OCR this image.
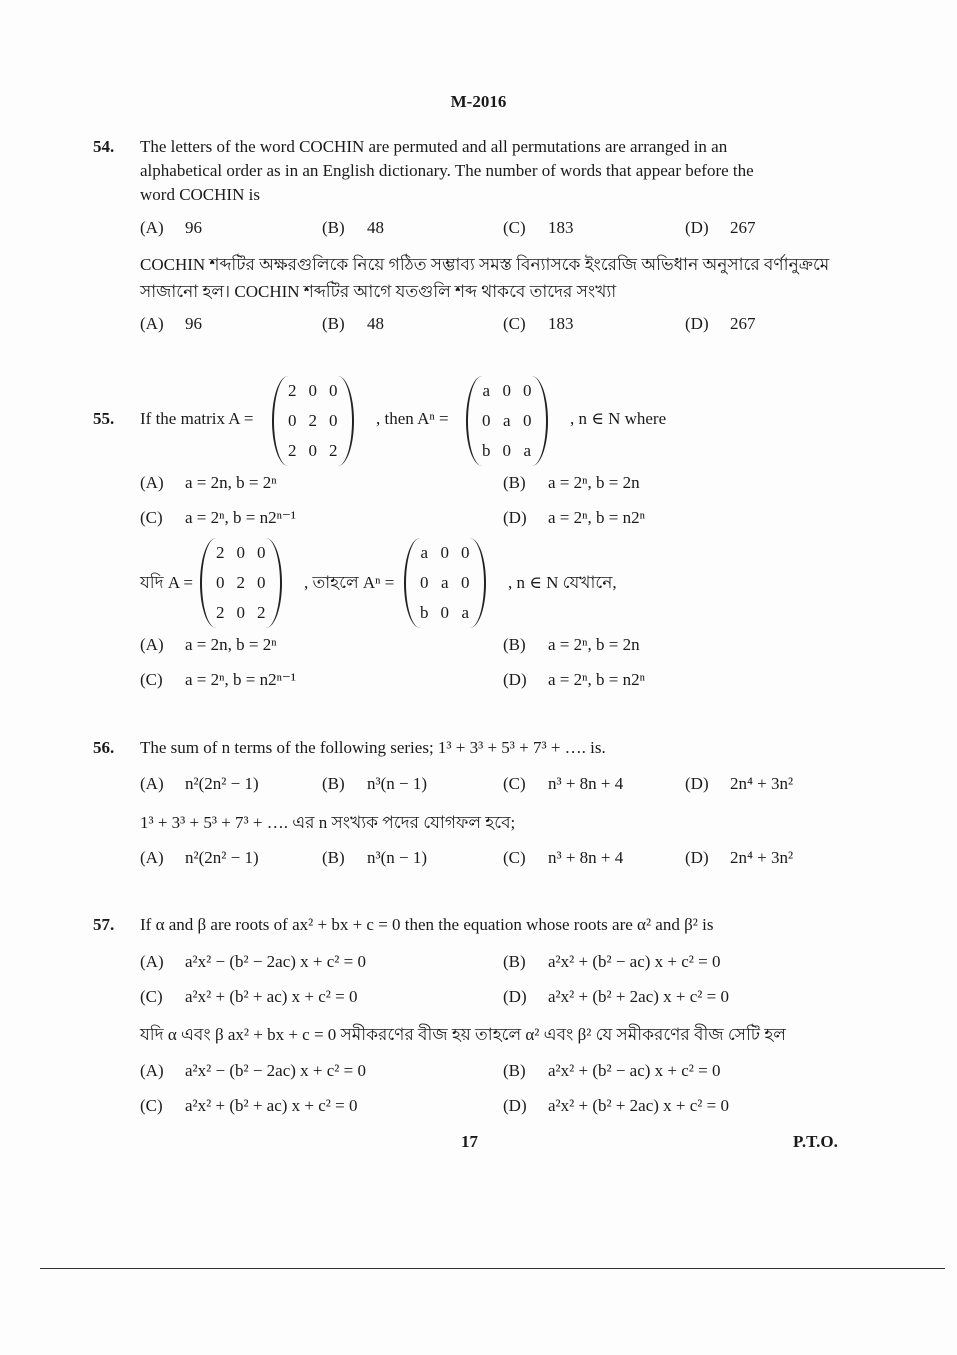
M-2016
54. The letters of the word COCHIN are permuted and all permutations are arranged in an
alphabetical order as in an English dictionary. The number of words that appear before the
word COCHIN is
COCHIN শব্দটির অক্ষরগুলিকে নিয়ে গঠিত সম্ভাব্য সমস্ত বিন্যাসকে ইংরেজি অভিধান অনুসারে বর্ণানুক্রমে
সাজানো হল। COCHIN শব্দটির আগে যতগুলি শব্দ থাকবে তাদের সংখ্যা
55. If the matrix A =
2	0	0
0	2	0
2	0	2
, then Aⁿ =
a	0	0
0	a	0
b	0	a
, n ∈ N where
যদি A =
2	0	0
0	2	0
2	0	2
, তাহলে Aⁿ =
a	0	0
0	a	0
b	0	a
, n ∈ N যেখানে,
56. The sum of n terms of the following series; 1³ + 3³ + 5³ + 7³ + …. is.
1³ + 3³ + 5³ + 7³ + …. এর n সংখ্যক পদের যোগফল হবে;
57. If α and β are roots of ax² + bx + c = 0 then the equation whose roots are α² and β² is
যদি α এবং β ax² + bx + c = 0 সমীকরণের বীজ হয় তাহলে α² এবং β² যে সমীকরণের বীজ সেটি হল
17	P.T.O.
(A) 96	(B) 48	(C) 183	(D) 267
(A) 96	(B) 48	(C) 183	(D) 267
(A) n²(2n² − 1)	(B) n³(n − 1)	(C) n³ + 8n + 4	(D) 2n⁴ + 3n²
(A) n²(2n² − 1)	(B) n³(n − 1)	(C) n³ + 8n + 4	(D) 2n⁴ + 3n²
(A) a = 2n, b = 2ⁿ	(B) a = 2ⁿ, b = 2n
(C) a = 2ⁿ, b = n2ⁿ⁻¹	(D) a = 2ⁿ, b = n2ⁿ
(A) a = 2n, b = 2ⁿ	(B) a = 2ⁿ, b = 2n
(C) a = 2ⁿ, b = n2ⁿ⁻¹	(D) a = 2ⁿ, b = n2ⁿ
(A) a²x² − (b² − 2ac) x + c² = 0	(B) a²x² + (b² − ac) x + c² = 0
(C) a²x² + (b² + ac) x + c² = 0	(D) a²x² + (b² + 2ac) x + c² = 0
(A) a²x² − (b² − 2ac) x + c² = 0	(B) a²x² + (b² − ac) x + c² = 0
(C) a²x² + (b² + ac) x + c² = 0	(D) a²x² + (b² + 2ac) x + c² = 0
